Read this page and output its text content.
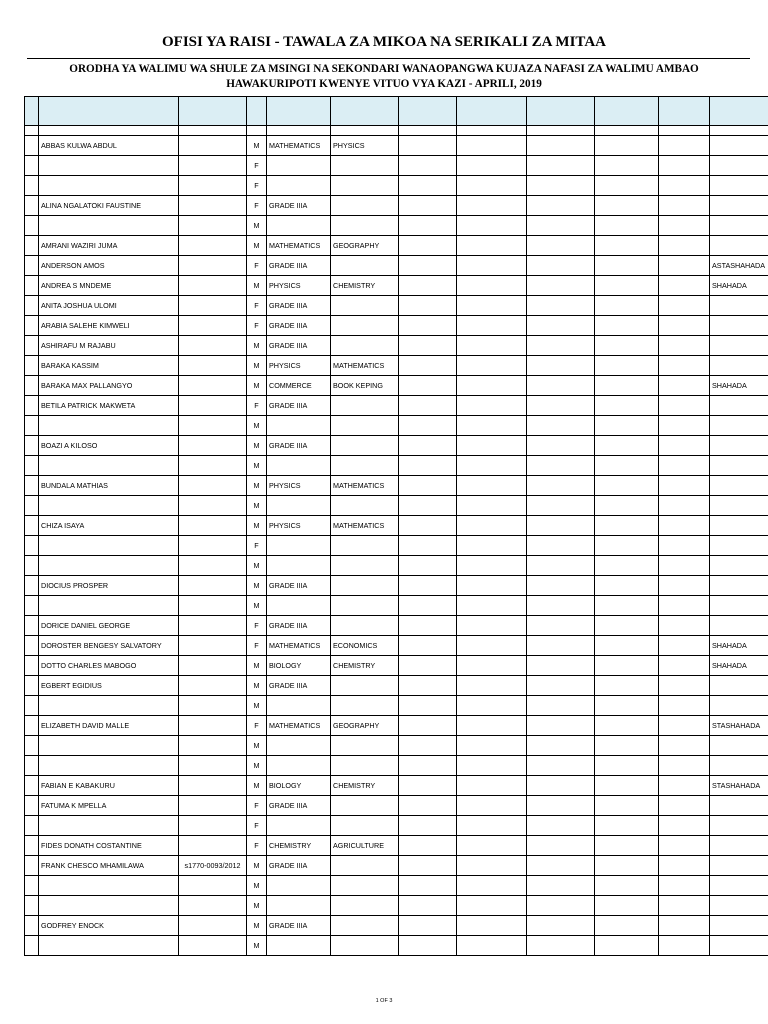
OFISI YA RAISI - TAWALA ZA MIKOA NA SERIKALI ZA MITAA
ORODHA YA WALIMU WA SHULE ZA MSINGI NA SEKONDARI WANAOPANGWA KUJAZA NAFASI ZA WALIMU AMBAO
HAWAKURIPOTI KWENYE VITUO VYA KAZI - APRILI, 2019

	ABBAS KULWA ABDUL		M	MATHEMATICS	PHYSICS						
			F								
			F								
	ALINA NGALATOKI FAUSTINE		F	GRADE IIIA							
			M								
	AMRANI WAZIRI JUMA		M	MATHEMATICS	GEOGRAPHY						
	ANDERSON AMOS		F	GRADE IIIA							ASTASHAHADA
	ANDREA S MNDEME		M	PHYSICS	CHEMISTRY						SHAHADA
	ANITA JOSHUA ULOMI		F	GRADE IIIA							
	ARABIA SALEHE KIMWELI		F	GRADE IIIA							
	ASHIRAFU M RAJABU		M	GRADE IIIA							
	BARAKA KASSIM		M	PHYSICS	MATHEMATICS						
	BARAKA MAX PALLANGYO		M	COMMERCE	BOOK KEPING						SHAHADA
	BETILA PATRICK MAKWETA		F	GRADE IIIA							
			M								
	BOAZI A KILOSO		M	GRADE IIIA							
			M								
	BUNDALA MATHIAS		M	PHYSICS	MATHEMATICS						
			M								
	CHIZA ISAYA		M	PHYSICS	MATHEMATICS						
			F								
			M								
	DIOCIUS PROSPER		M	GRADE IIIA							
			M								
	DORICE DANIEL GEORGE		F	GRADE IIIA							
	DOROSTER BENGESY SALVATORY		F	MATHEMATICS	ECONOMICS						SHAHADA
	DOTTO CHARLES MABOGO		M	BIOLOGY	CHEMISTRY						SHAHADA
	EGBERT EGIDIUS		M	GRADE IIIA							
			M								
	ELIZABETH DAVID MALLE		F	MATHEMATICS	GEOGRAPHY						STASHAHADA
			M								
			M								
	FABIAN E KABAKURU		M	BIOLOGY	CHEMISTRY						STASHAHADA
	FATUMA K MPELLA		F	GRADE IIIA							
			F								
	FIDES DONATH COSTANTINE		F	CHEMISTRY	AGRICULTURE						
	FRANK CHESCO MHAMILAWA	s1770-0093/2012	M	GRADE IIIA							
			M								
			M								
	GODFREY ENOCK		M	GRADE IIIA							
			M								
1 OF 3
